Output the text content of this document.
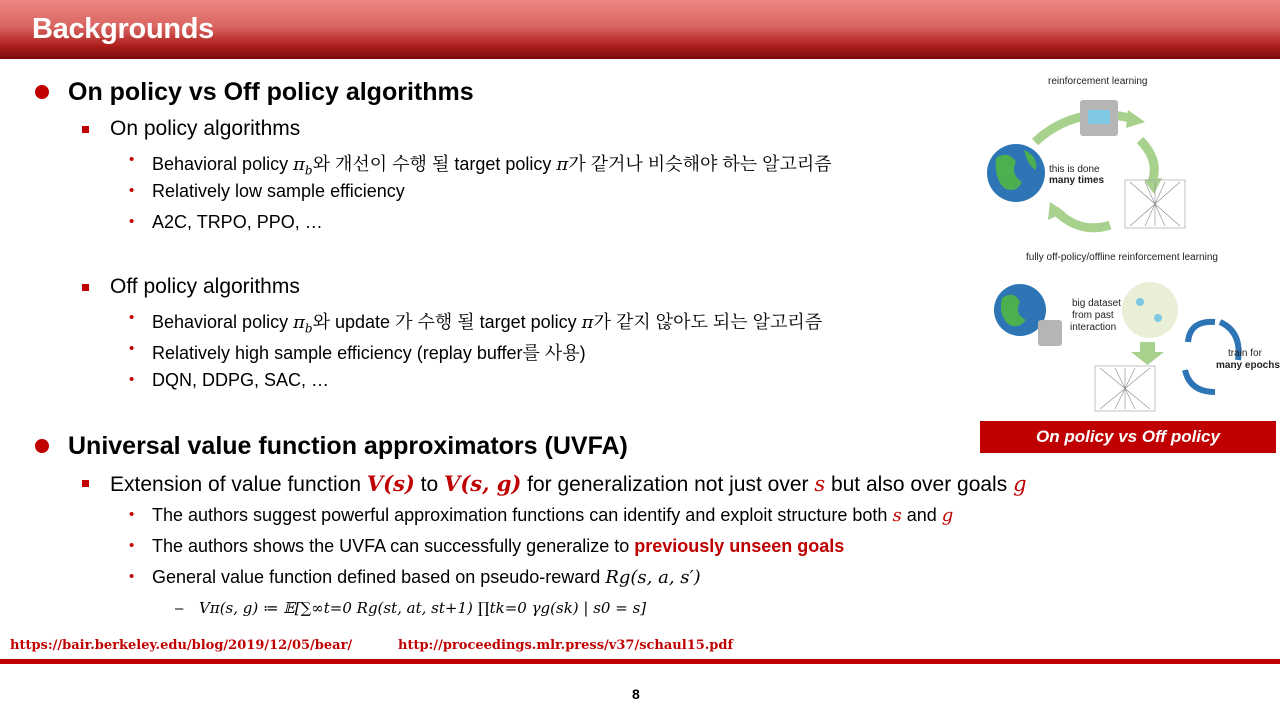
Backgrounds
On policy vs Off policy algorithms
On policy algorithms
• Behavioral policy $\pi_b$와 개선이 수행 될 target policy π가 같거나 비슷해야 하는 알고리즘
• Relatively low sample efficiency
• A2C, TRPO, PPO, …
Off policy algorithms
• Behavioral policy $\pi_b$와 update 가 수행 될 target policy π가 같지 않아도 되는 알고리즘
• Relatively high sample efficiency (replay buffer를 사용)
• DQN, DDPG, SAC, …
Universal value function approximators (UVFA)
Extension of value function V(s) to V(s, g) for generalization not just over s but also over goals g
• The authors suggest powerful approximation functions can identify and exploit structure both s and g
• The authors shows the UVFA can successfully generalize to previously unseen goals
• General value function defined based on pseudo-reward Rg(s, a, s′)
– Vπ(s, g) ≔ 𝔼[∑∞t=0 Rg(st, at, st+1) ∏tk=0 γg(sk) | s0 = s]
https://bair.berkeley.edu/blog/2019/12/05/bear/	http://proceedings.mlr.press/v37/schaul15.pdf
8
reinforcement learning
this is done
many times
fully off-policy/offline reinforcement learning
big dataset
from past
interaction
train for
many epochs
On policy vs Off policy
